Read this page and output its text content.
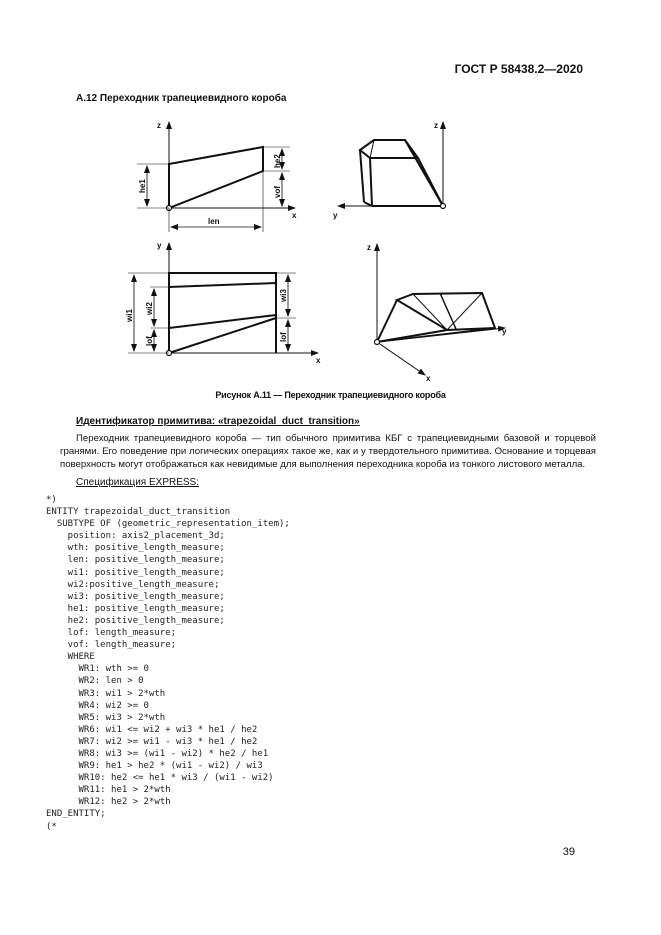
ГОСТ Р 58438.2—2020
А.12 Переходник трапециевидного короба
z
x
he1
he2
vof
len
z
y
y
x
wi1
wi2
lof
wi3
lof
z
y
x
Рисунок А.11 — Переходник трапециевидного короба
Идентификатор примитива: «trapezoidal_duct_transition»
Переходник трапециевидного короба — тип обычного примитива КБГ с трапециевидными базовой и торцевой гранями. Его поведение при логических операциях такое же, как и у твердотельного примитива. Основание и торцевая поверхность могут отображаться как невидимые для выполнения переходника короба из тонкого листового металла.
Спецификация EXPRESS:
*)
ENTITY trapezoidal_duct_transition
SUBTYPE OF (geometric_representation_item);
position: axis2_placement_3d;
wth: positive_length_measure;
len: positive_length_measure;
wi1: positive_length_measure;
wi2:positive_length_measure;
wi3: positive_length_measure;
he1: positive_length_measure;
he2: positive_length_measure;
lof: length_measure;
vof: length_measure;
WHERE
WR1: wth >= 0
WR2: len > 0
WR3: wi1 > 2*wth
WR4: wi2 >= 0
WR5: wi3 > 2*wth
WR6: wi1 <= wi2 + wi3 * he1 / he2
WR7: wi2 >= wi1 - wi3 * he1 / he2
WR8: wi3 >= (wi1 - wi2) * he2 / he1
WR9: he1 > he2 * (wi1 - wi2) / wi3
WR10: he2 <= he1 * wi3 / (wi1 - wi2)
WR11: he1 > 2*wth
WR12: he2 > 2*wth
END_ENTITY;
(*

39
